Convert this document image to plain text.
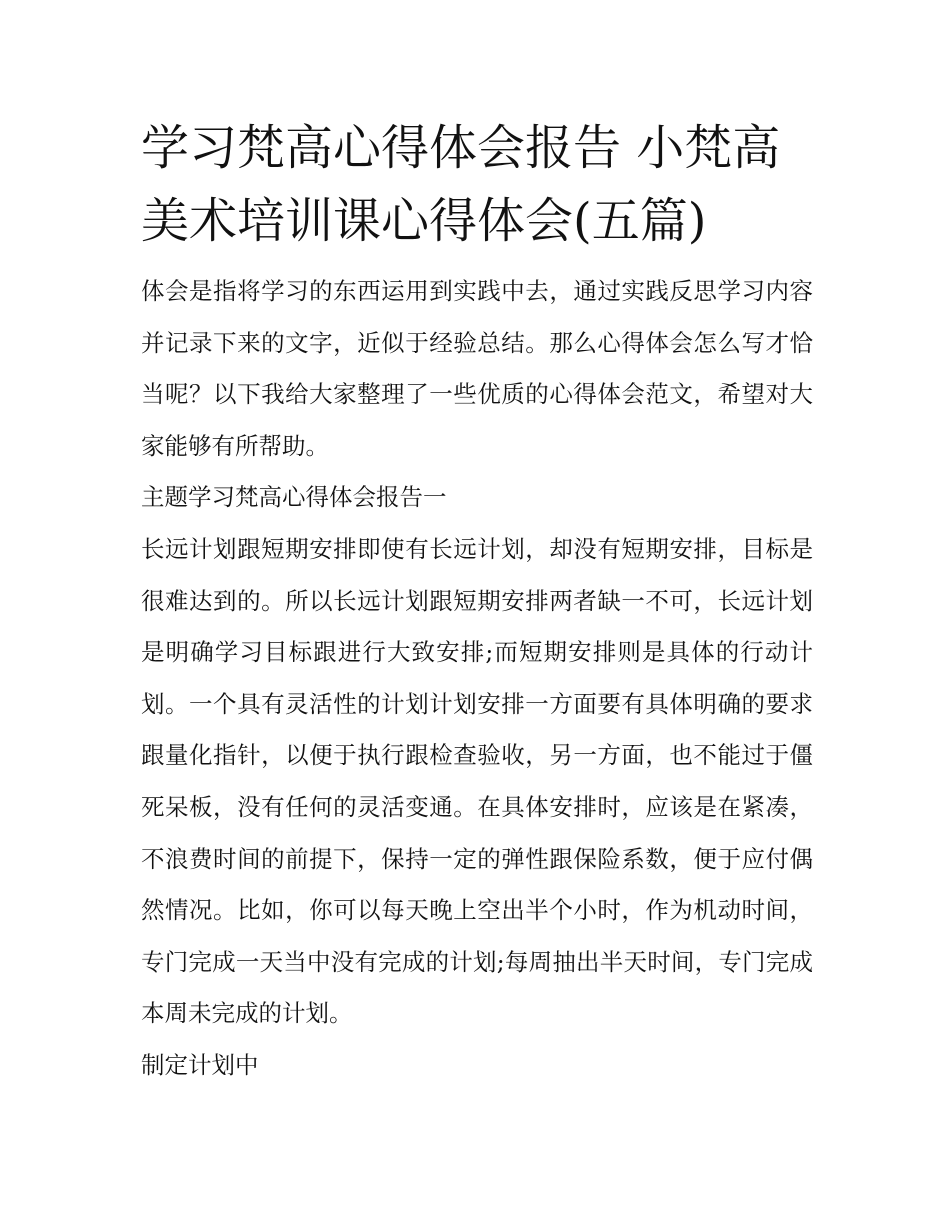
学习梵高心得体会报告 小梵高美术培训课心得体会(五篇)

体会是指将学习的东西运用到实践中去，通过实践反思学习内容并记录下来的文字，近似于经验总结。那么心得体会怎么写才恰当呢？以下我给大家整理了一些优质的心得体会范文，希望对大家能够有所帮助。

主题学习梵高心得体会报告一

长远计划跟短期安排即使有长远计划，却没有短期安排，目标是很难达到的。所以长远计划跟短期安排两者缺一不可，长远计划是明确学习目标跟进行大致安排;而短期安排则是具体的行动计划。一个具有灵活性的计划计划安排一方面要有具体明确的要求跟量化指针，以便于执行跟检查验收，另一方面，也不能过于僵死呆板，没有任何的灵活变通。在具体安排时，应该是在紧凑，不浪费时间的前提下，保持一定的弹性跟保险系数，便于应付偶然情况。比如，你可以每天晚上空出半个小时，作为机动时间，专门完成一天当中没有完成的计划;每周抽出半天时间，专门完成本周未完成的计划。

制定计划中
